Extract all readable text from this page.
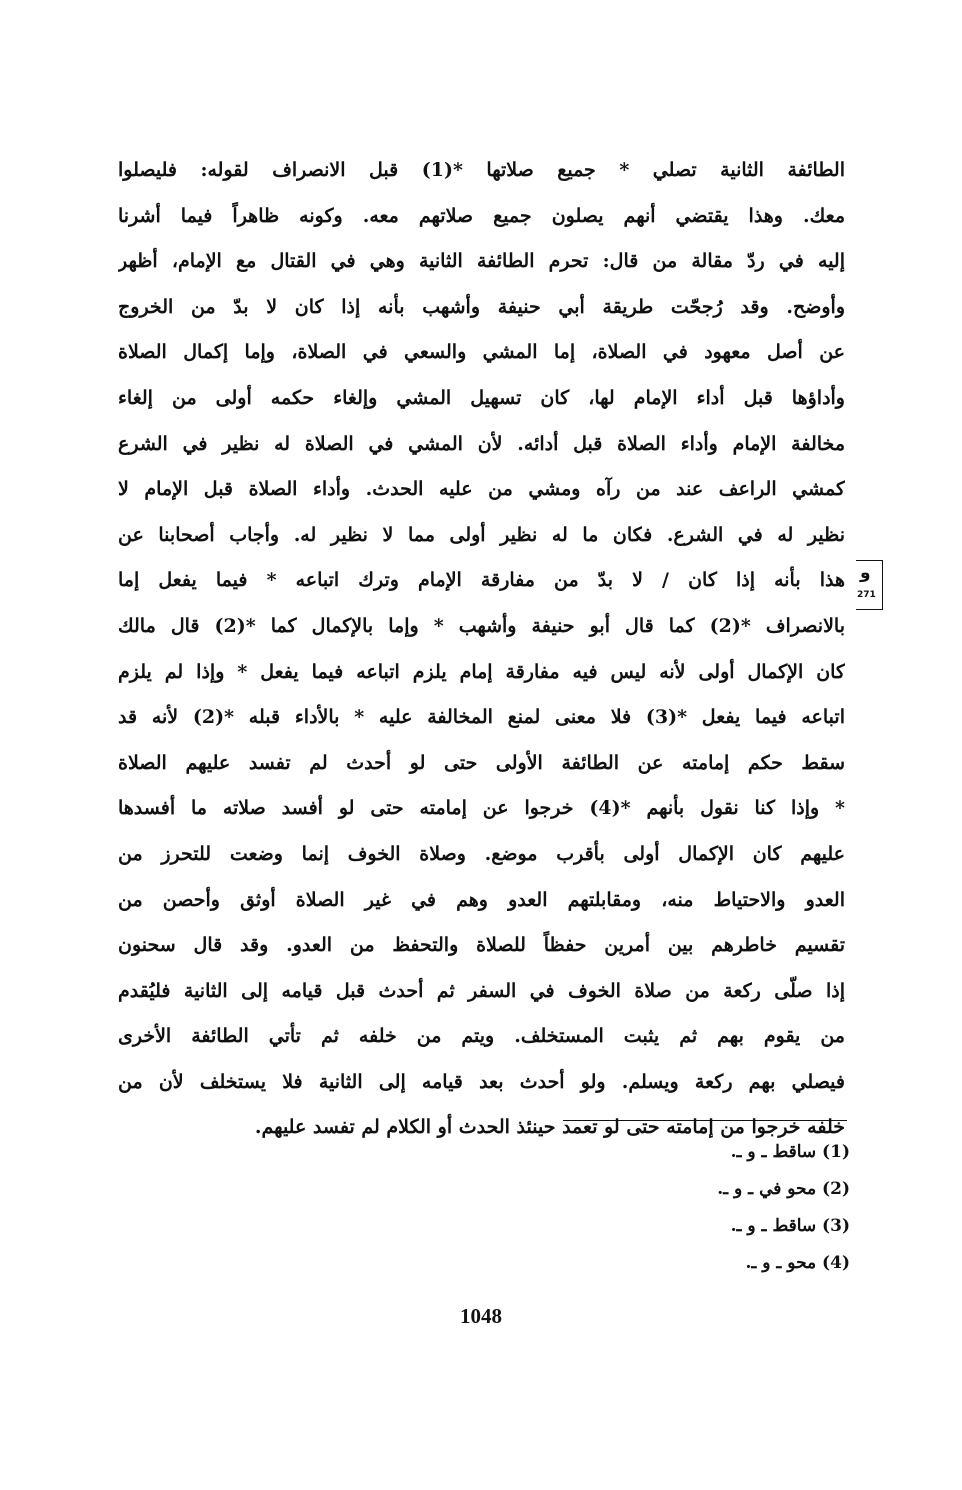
الطائفة الثانية تصلي * جميع صلاتها *(1) قبل الانصراف لقوله: فليصلوا
معك. وهذا يقتضي أنهم يصلون جميع صلاتهم معه. وكونه ظاهراً فيما أشرنا
إليه في ردّ مقالة من قال: تحرم الطائفة الثانية وهي في القتال مع الإمام، أظهر
وأوضح. وقد رُجحّت طريقة أبي حنيفة وأشهب بأنه إذا كان لا بدّ من الخروج
عن أصل معهود في الصلاة، إما المشي والسعي في الصلاة، وإما إكمال الصلاة
وأداؤها قبل أداء الإمام لها، كان تسهيل المشي وإلغاء حكمه أولى من إلغاء
مخالفة الإمام وأداء الصلاة قبل أدائه. لأن المشي في الصلاة له نظير في الشرع
كمشي الراعف عند من رآه ومشي من عليه الحدث. وأداء الصلاة قبل الإمام لا
نظير له في الشرع. فكان ما له نظير أولى مما لا نظير له. وأجاب أصحابنا عن
هذا بأنه إذا كان / لا بدّ من مفارقة الإمام وترك اتباعه * فيما يفعل إما
بالانصراف *(2) كما قال أبو حنيفة وأشهب * وإما بالإكمال كما *(2) قال مالك
كان الإكمال أولى لأنه ليس فيه مفارقة إمام يلزم اتباعه فيما يفعل * وإذا لم يلزم
اتباعه فيما يفعل *(3) فلا معنى لمنع المخالفة عليه * بالأداء قبله *(2) لأنه قد
سقط حكم إمامته عن الطائفة الأولى حتى لو أحدث لم تفسد عليهم الصلاة
* وإذا كنا نقول بأنهم *(4) خرجوا عن إمامته حتى لو أفسد صلاته ما أفسدها
عليهم كان الإكمال أولى بأقرب موضع. وصلاة الخوف إنما وضعت للتحرز من
العدو والاحتياط منه، ومقابلتهم العدو وهم في غير الصلاة أوثق وأحصن من
تقسيم خاطرهم بين أمرين حفظاً للصلاة والتحفظ من العدو. وقد قال سحنون
إذا صلّى ركعة من صلاة الخوف في السفر ثم أحدث قبل قيامه إلى الثانية فليُقدم
من يقوم بهم ثم يثبت المستخلف. ويتم من خلفه ثم تأتي الطائفة الأخرى
فيصلي بهم ركعة ويسلم. ولو أحدث بعد قيامه إلى الثانية فلا يستخلف لأن من
خلفه خرجوا من إمامته حتى لو تعمد حينئذ الحدث أو الكلام لم تفسد عليهم.
و
271
(1) ساقط ـ و ـ.
(2) محو في ـ و ـ.
(3) ساقط ـ و ـ.
(4) محو ـ و ـ.
1048
